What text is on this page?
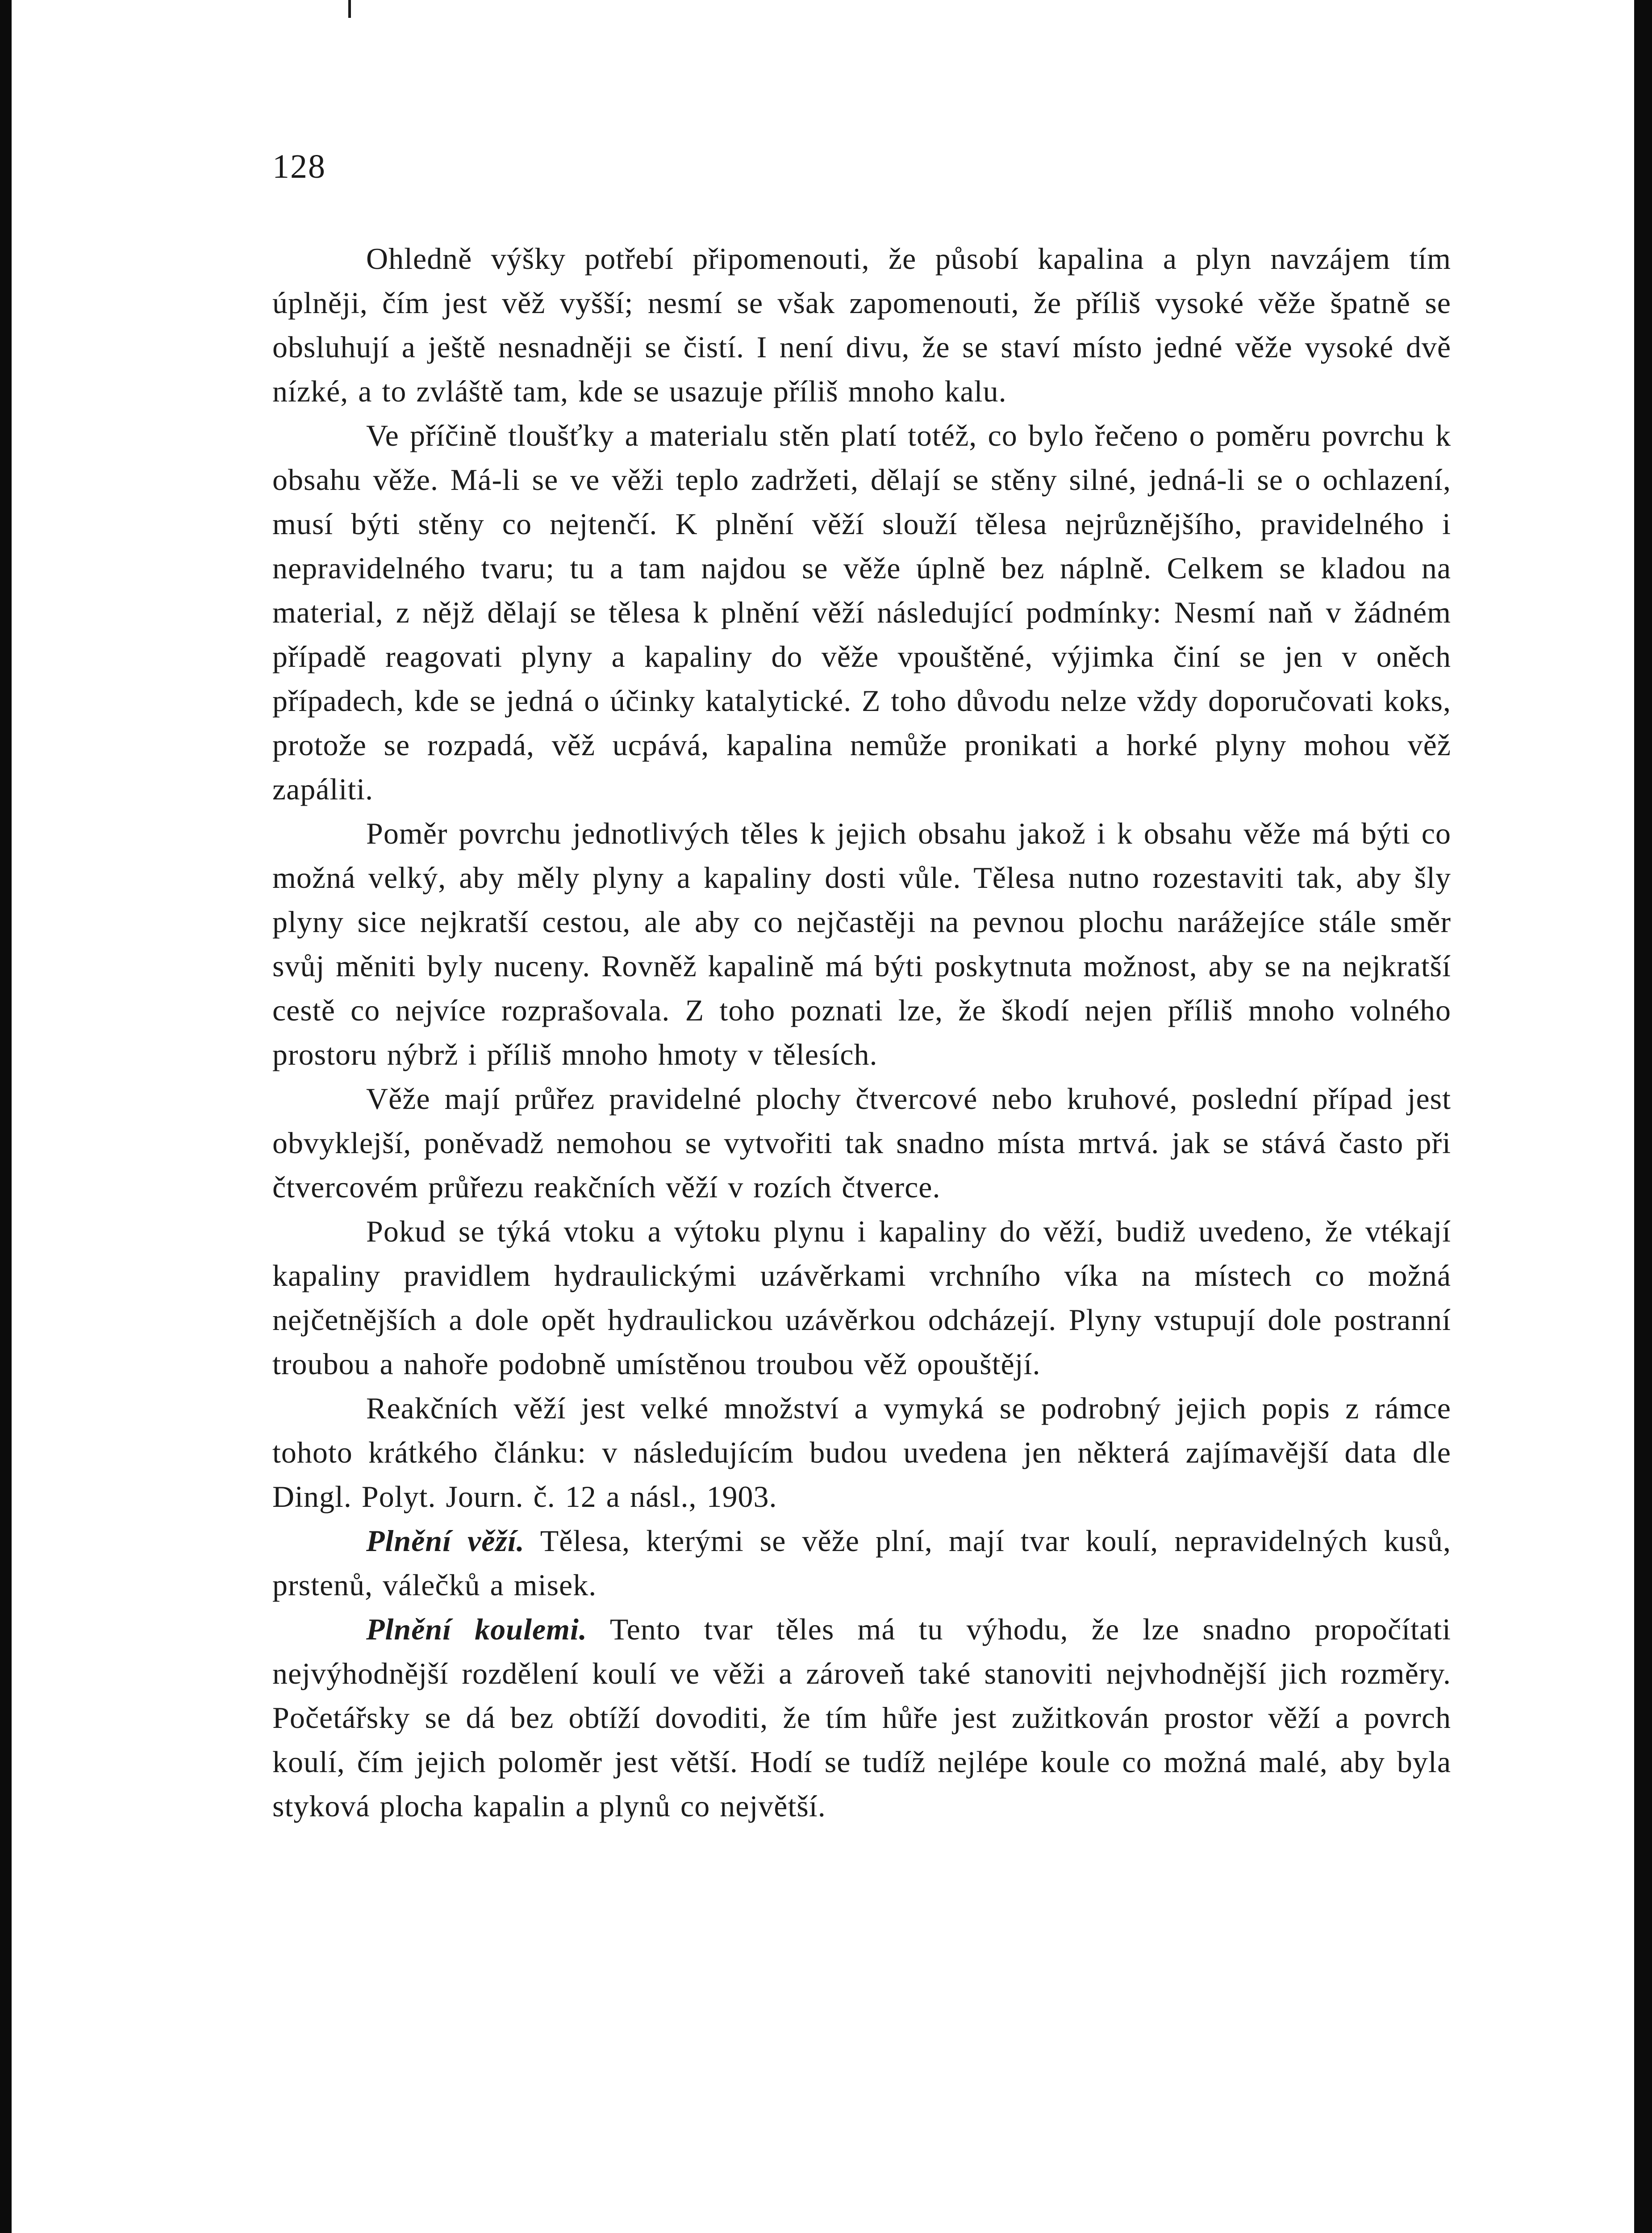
128

Ohledně výšky potřebí připomenouti, že působí kapalina a plyn navzájem tím úplněji, čím jest věž vyšší; nesmí se však zapomenouti, že příliš vysoké věže špatně se obsluhují a ještě nesnadněji se čistí. I není divu, že se staví místo jedné věže vysoké dvě nízké, a to zvláště tam, kde se usazuje příliš mnoho kalu.

Ve příčině tloušťky a materialu stěn platí totéž, co bylo řečeno o poměru povrchu k obsahu věže. Má-li se ve věži teplo zadržeti, dělají se stěny silné, jedná-li se o ochlazení, musí býti stěny co nejtenčí. K plnění věží slouží tělesa nejrůznějšího, pravidelného i nepravidelného tvaru; tu a tam najdou se věže úplně bez náplně. Celkem se kladou na material, z nějž dělají se tělesa k plnění věží následující podmínky: Nesmí naň v žádném případě reagovati plyny a kapaliny do věže vpouštěné, výjimka činí se jen v oněch případech, kde se jedná o účinky katalytické. Z toho důvodu nelze vždy doporučovati koks, protože se rozpadá, věž ucpává, kapalina nemůže pronikati a horké plyny mohou věž zapáliti.

Poměr povrchu jednotlivých těles k jejich obsahu jakož i k obsahu věže má býti co možná velký, aby měly plyny a kapaliny dosti vůle. Tělesa nutno rozestaviti tak, aby šly plyny sice nejkratší cestou, ale aby co nejčastěji na pevnou plochu narážejíce stále směr svůj měniti byly nuceny. Rovněž kapalině má býti poskytnuta možnost, aby se na nejkratší cestě co nejvíce rozprašovala. Z toho poznati lze, že škodí nejen příliš mnoho volného prostoru nýbrž i příliš mnoho hmoty v tělesích.

Věže mají průřez pravidelné plochy čtvercové nebo kruhové, poslední případ jest obvyklejší, poněvadž nemohou se vytvořiti tak snadno místa mrtvá. jak se stává často při čtvercovém průřezu reakčních věží v rozích čtverce.

Pokud se týká vtoku a výtoku plynu i kapaliny do věží, budiž uvedeno, že vtékají kapaliny pravidlem hydraulickými uzávěrkami vrchního víka na místech co možná nejčetnějších a dole opět hydraulickou uzávěrkou odcházejí. Plyny vstupují dole postranní troubou a nahoře podobně umístěnou troubou věž opouštějí.

Reakčních věží jest velké množství a vymyká se podrobný jejich popis z rámce tohoto krátkého článku: v následujícím budou uvedena jen některá zajímavější data dle Dingl. Polyt. Journ. č. 12 a násl., 1903.

Plnění věží. Tělesa, kterými se věže plní, mají tvar koulí, nepravidelných kusů, prstenů, válečků a misek.

Plnění koulemi. Tento tvar těles má tu výhodu, že lze snadno propočítati nejvýhodnější rozdělení koulí ve věži a zároveň také stanoviti nejvhodnější jich rozměry. Početářsky se dá bez obtíží dovoditi, že tím hůře jest zužitkován prostor věží a povrch koulí, čím jejich poloměr jest větší. Hodí se tudíž nejlépe koule co možná malé, aby byla styková plocha kapalin a plynů co největší.
